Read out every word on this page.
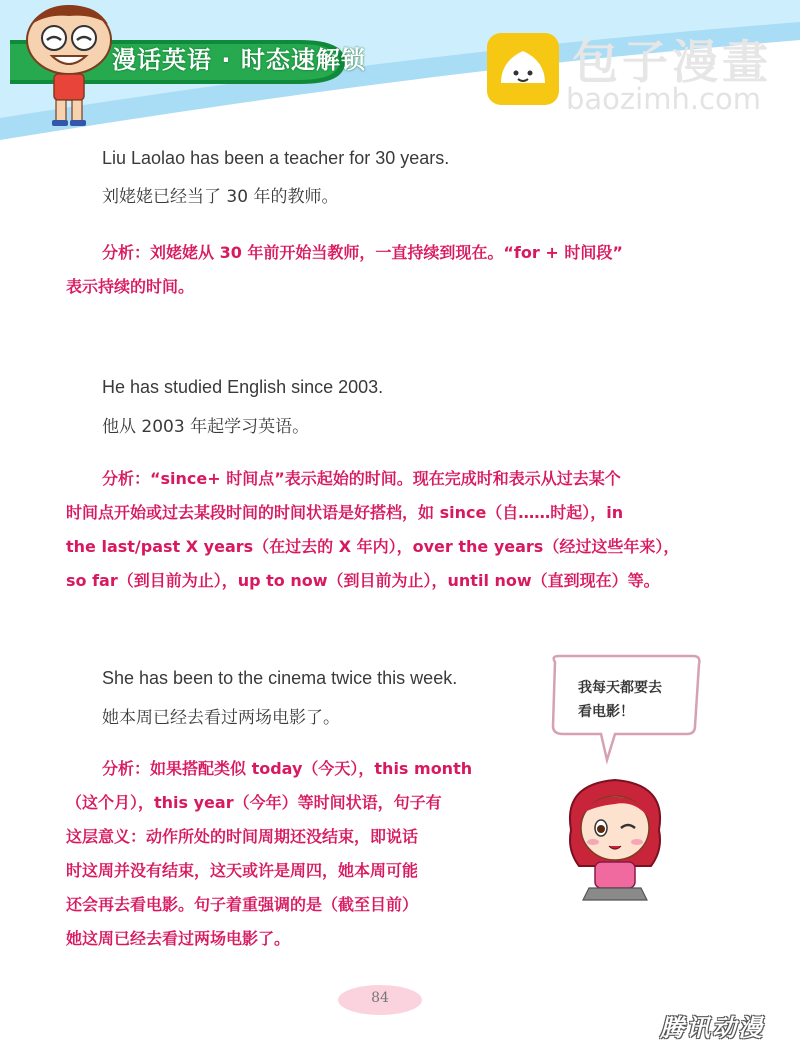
漫话英语 · 时态速解锁	包子漫畫
baozimh.com
Liu Laolao has been a teacher for 30 years.
刘姥姥已经当了 30 年的教师。

分析：刘姥姥从 30 年前开始当教师，一直持续到现在。“for + 时间段”

表示持续的时间。

He has studied English since 2003.
他从 2003 年起学习英语。

分析：“since+ 时间点”表示起始的时间。现在完成时和表示从过去某个

时间点开始或过去某段时间的时间状语是好搭档，如 since（自……时起），in

the last/past X years（在过去的 X 年内），over the years（经过这些年来），

so far（到目前为止），up to now（到目前为止），until now（直到现在）等。

She has been to the cinema twice this week.
她本周已经去看过两场电影了。

分析：如果搭配类似 today（今天），this month

（这个月），this year（今年）等时间状语，句子有

这层意义：动作所处的时间周期还没结束，即说话

时这周并没有结束，这天或许是周四，她本周可能

还会再去看电影。句子着重强调的是（截至目前）

她这周已经去看过两场电影了。

我每天都要去
看电影！
84
腾讯动漫
